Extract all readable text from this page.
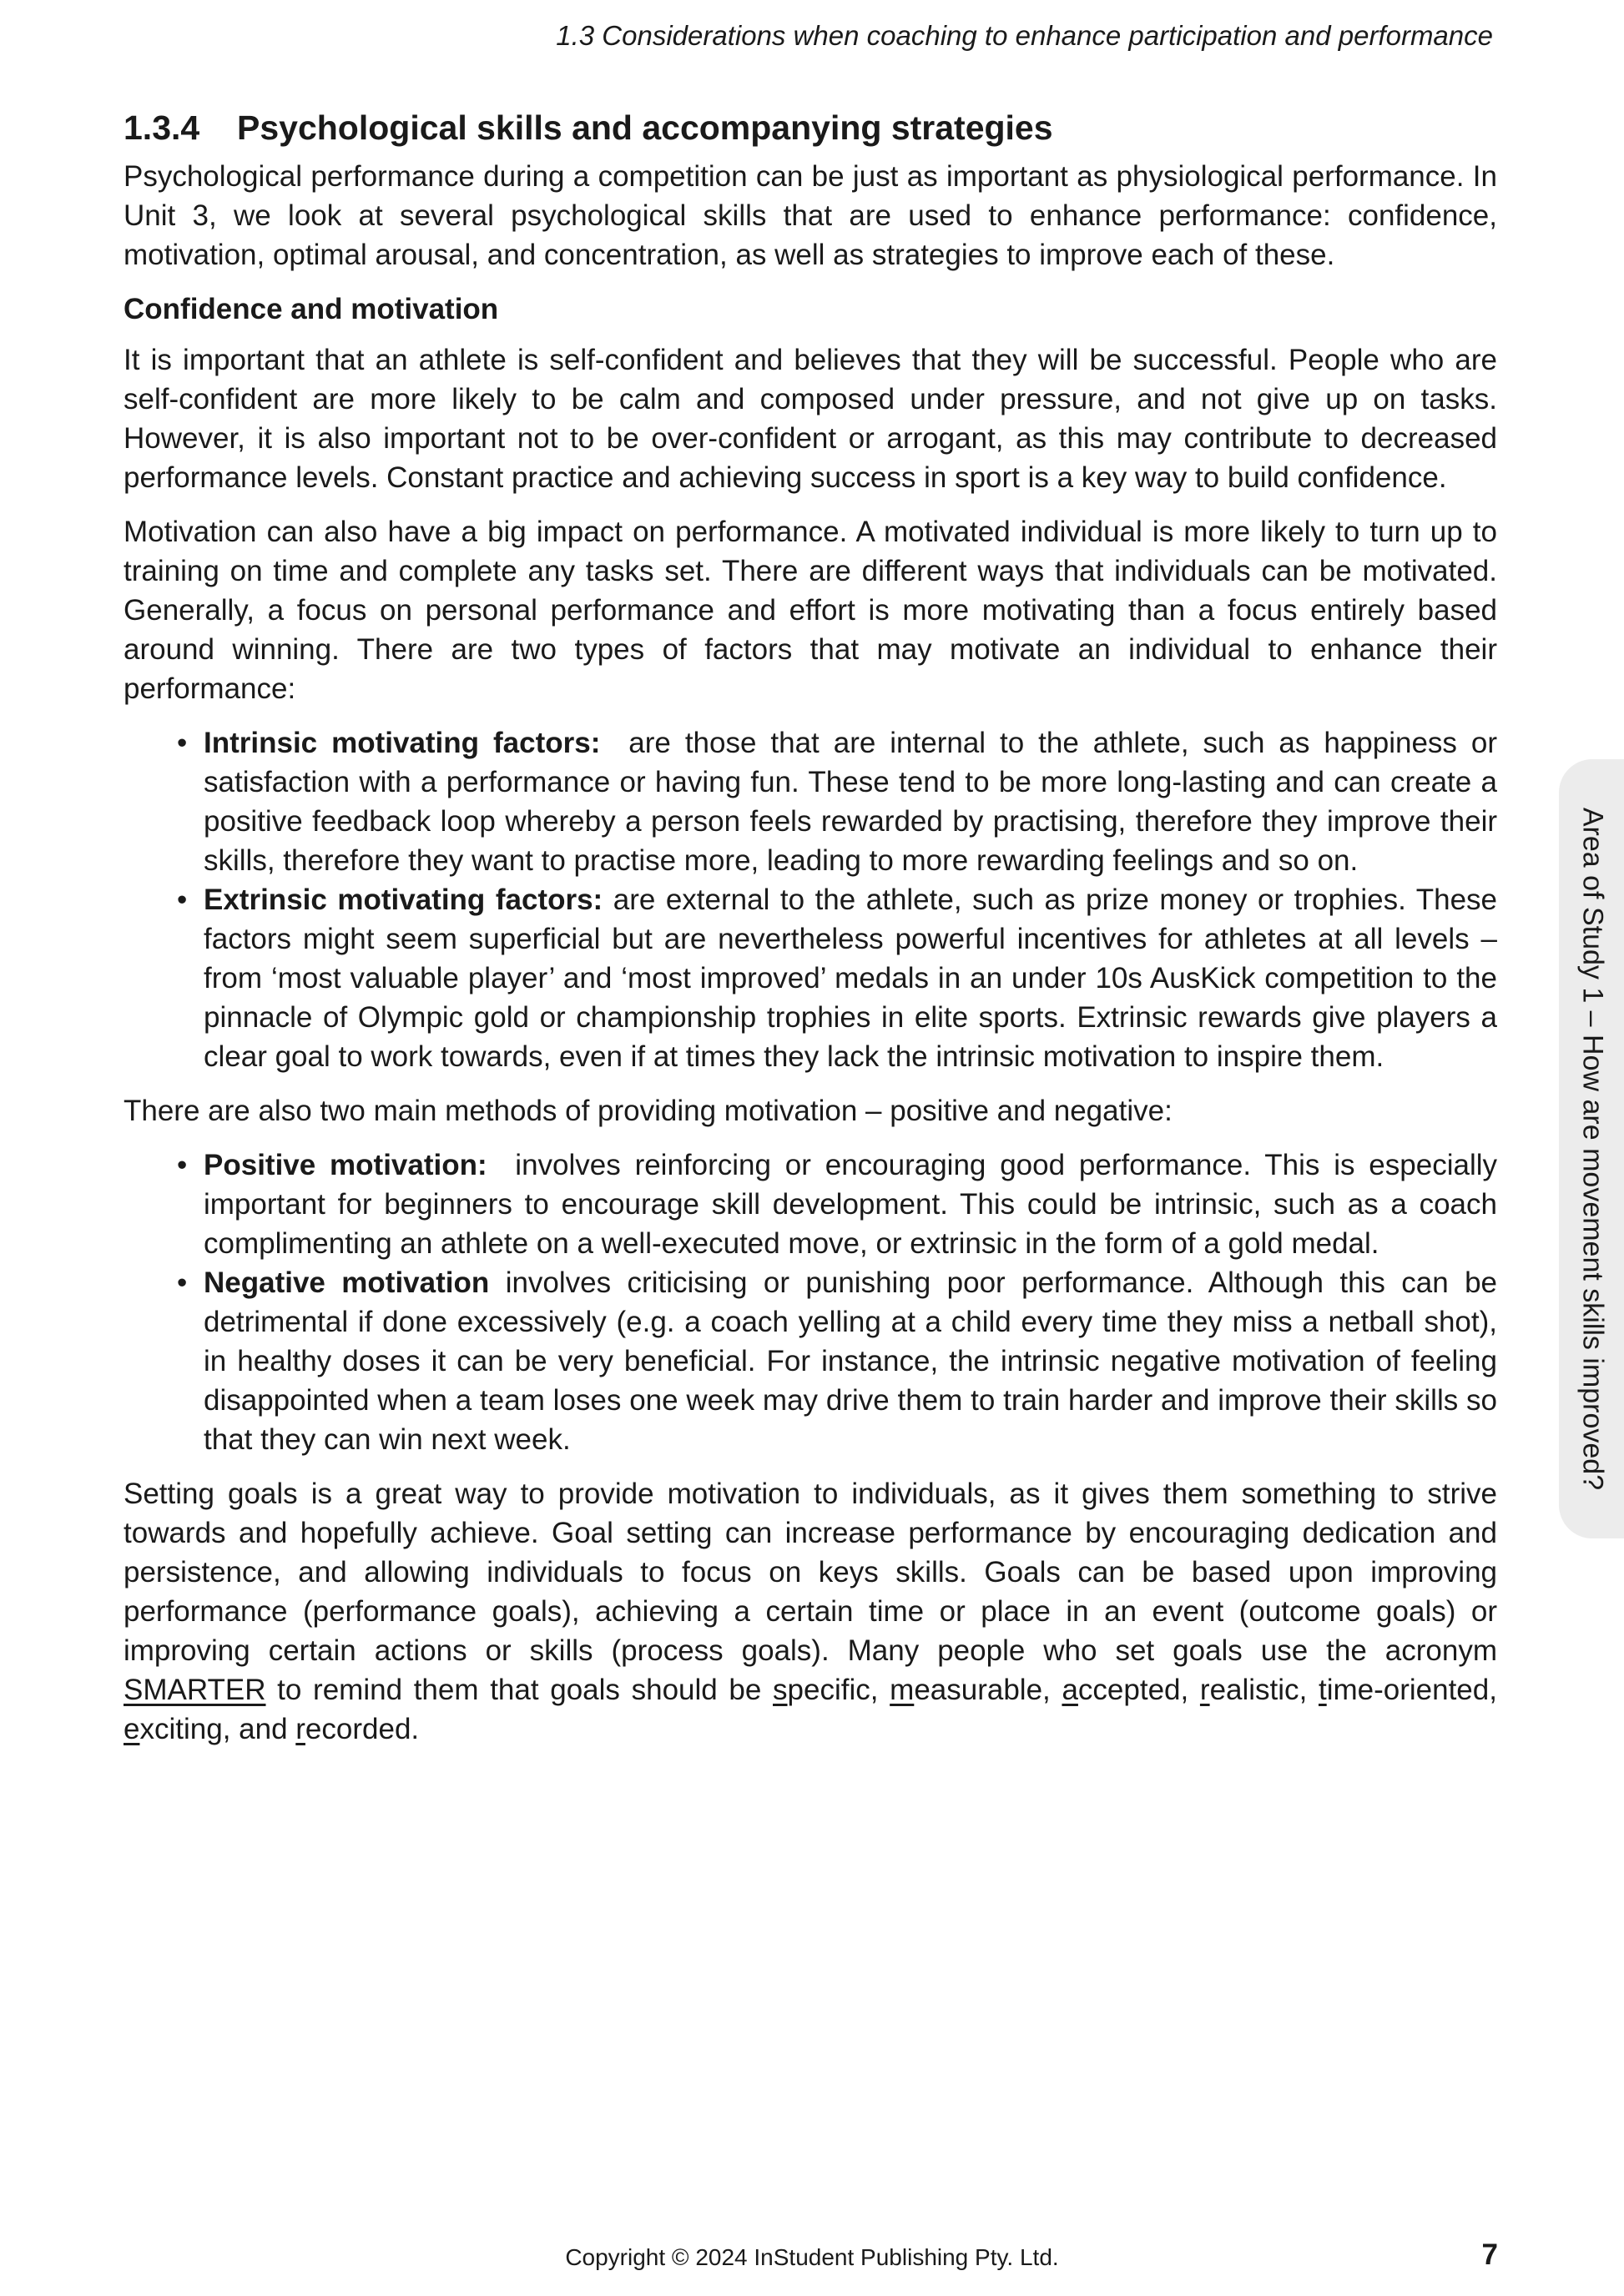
1.3 Considerations when coaching to enhance participation and performance
1.3.4 Psychological skills and accompanying strategies

Psychological performance during a competition can be just as important as physiological performance. In Unit 3, we look at several psychological skills that are used to enhance performance: confidence, motivation, optimal arousal, and concentration, as well as strategies to improve each of these.

Confidence and motivation

It is important that an athlete is self-confident and believes that they will be successful. People who are self-confident are more likely to be calm and composed under pressure, and not give up on tasks. However, it is also important not to be over-confident or arrogant, as this may contribute to decreased performance levels. Constant practice and achieving success in sport is a key way to build confidence.

Motivation can also have a big impact on performance. A motivated individual is more likely to turn up to training on time and complete any tasks set. There are different ways that individuals can be motivated. Generally, a focus on personal performance and effort is more motivating than a focus entirely based around winning. There are two types of factors that may motivate an individual to enhance their performance:

• Intrinsic motivating factors: are those that are internal to the athlete, such as happiness or satisfaction with a performance or having fun. These tend to be more long-lasting and can create a positive feedback loop whereby a person feels rewarded by practising, therefore they improve their skills, therefore they want to practise more, leading to more rewarding feelings and so on.
• Extrinsic motivating factors: are external to the athlete, such as prize money or trophies. These factors might seem superficial but are nevertheless powerful incentives for athletes at all levels – from ‘most valuable player’ and ‘most improved’ medals in an under 10s AusKick competition to the pinnacle of Olympic gold or championship trophies in elite sports. Extrinsic rewards give players a clear goal to work towards, even if at times they lack the intrinsic motivation to inspire them.

There are also two main methods of providing motivation – positive and negative:

• Positive motivation: involves reinforcing or encouraging good performance. This is especially important for beginners to encourage skill development. This could be intrinsic, such as a coach complimenting an athlete on a well-executed move, or extrinsic in the form of a gold medal.
• Negative motivation involves criticising or punishing poor performance. Although this can be detrimental if done excessively (e.g. a coach yelling at a child every time they miss a netball shot), in healthy doses it can be very beneficial. For instance, the intrinsic negative motivation of feeling disappointed when a team loses one week may drive them to train harder and improve their skills so that they can win next week.

Setting goals is a great way to provide motivation to individuals, as it gives them something to strive towards and hopefully achieve. Goal setting can increase performance by encouraging dedication and persistence, and allowing individuals to focus on keys skills. Goals can be based upon improving performance (performance goals), achieving a certain time or place in an event (outcome goals) or improving certain actions or skills (process goals). Many people who set goals use the acronym SMARTER to remind them that goals should be specific, measurable, accepted, realistic, time-oriented, exciting, and recorded.

Area of Study 1 – How are movement skills improved?
Copyright © 2024 InStudent Publishing Pty. Ltd.	7
